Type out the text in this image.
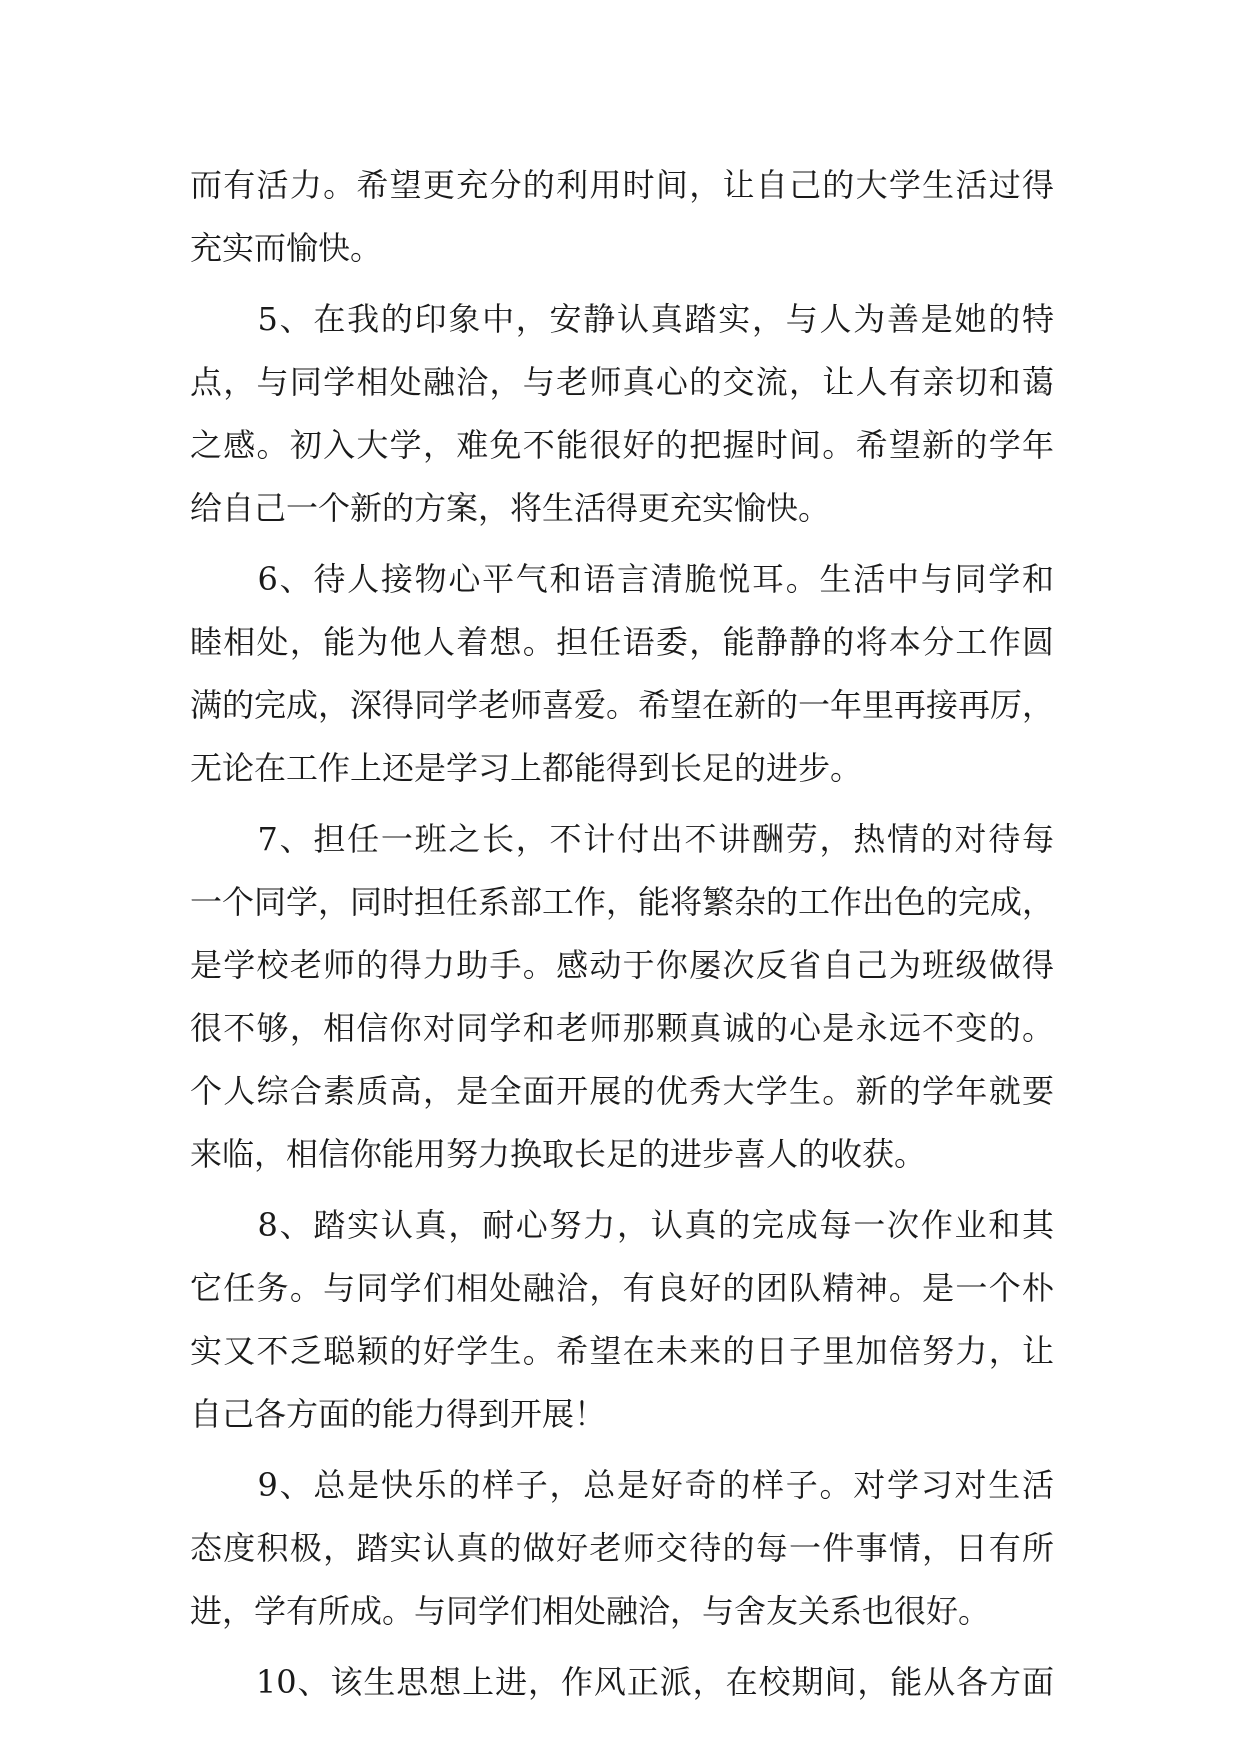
而有活力。希望更充分的利用时间，让自己的大学生活过得
充实而愉快。
　　5、在我的印象中，安静认真踏实，与人为善是她的特
点，与同学相处融洽，与老师真心的交流，让人有亲切和蔼
之感。初入大学，难免不能很好的把握时间。希望新的学年
给自己一个新的方案，将生活得更充实愉快。
　　6、待人接物心平气和语言清脆悦耳。生活中与同学和
睦相处，能为他人着想。担任语委，能静静的将本分工作圆
满的完成，深得同学老师喜爱。希望在新的一年里再接再厉，
无论在工作上还是学习上都能得到长足的进步。
　　7、担任一班之长，不计付出不讲酬劳，热情的对待每
一个同学，同时担任系部工作，能将繁杂的工作出色的完成，
是学校老师的得力助手。感动于你屡次反省自己为班级做得
很不够，相信你对同学和老师那颗真诚的心是永远不变的。
个人综合素质高，是全面开展的优秀大学生。新的学年就要
来临，相信你能用努力换取长足的进步喜人的收获。
　　8、踏实认真，耐心努力，认真的完成每一次作业和其
它任务。与同学们相处融洽，有良好的团队精神。是一个朴
实又不乏聪颖的好学生。希望在未来的日子里加倍努力，让
自己各方面的能力得到开展！
　　9、总是快乐的样子，总是好奇的样子。对学习对生活
态度积极，踏实认真的做好老师交待的每一件事情，日有所
进，学有所成。与同学们相处融洽，与舍友关系也很好。
　　10、该生思想上进，作风正派，在校期间，能从各方面
